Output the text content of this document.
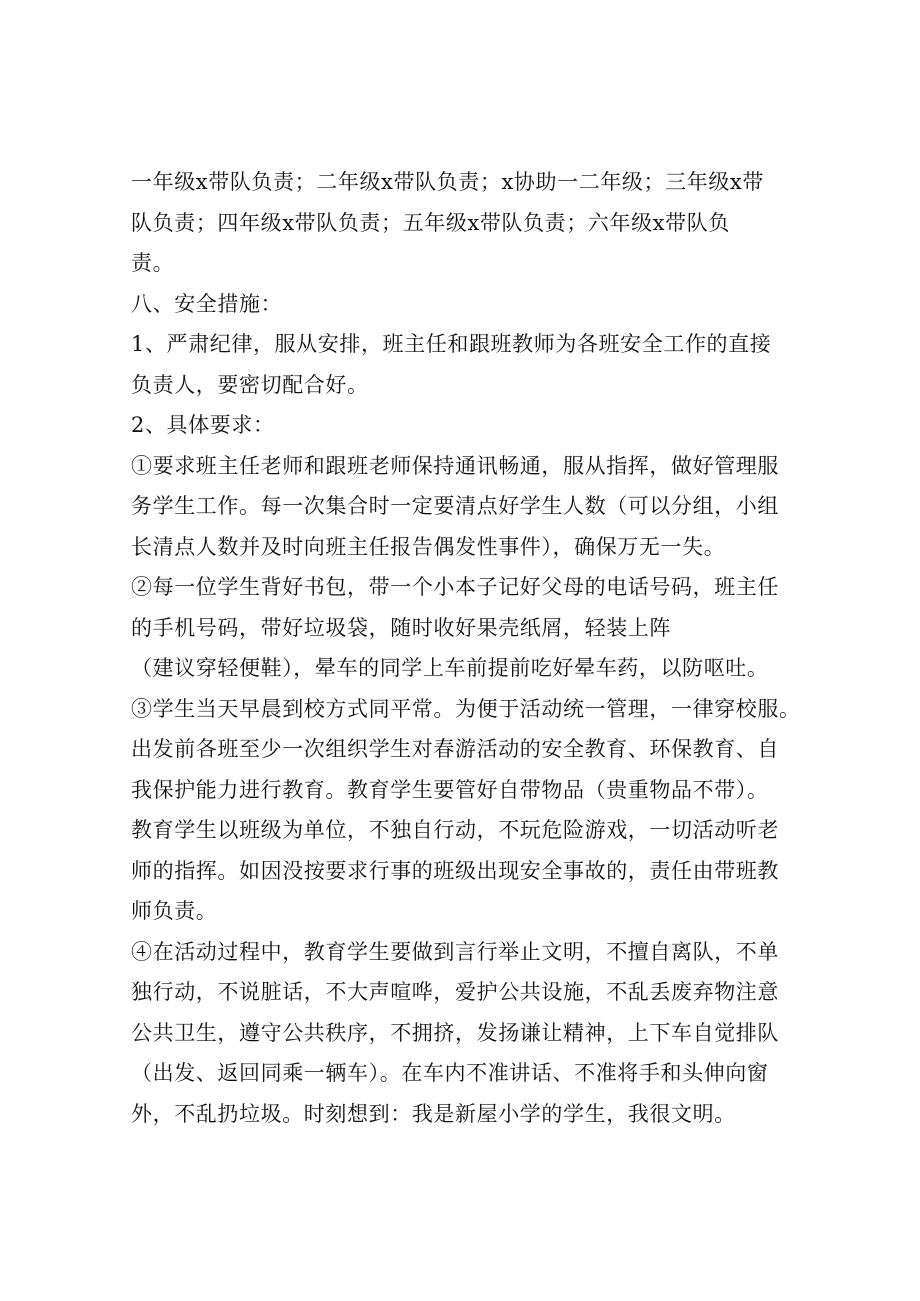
一年级x带队负责；二年级x带队负责；x协助一二年级；三年级x带
队负责；四年级x带队负责；五年级x带队负责；六年级x带队负
责。
八、安全措施：
1、严肃纪律，服从安排，班主任和跟班教师为各班安全工作的直接
负责人，要密切配合好。
2、具体要求：
①要求班主任老师和跟班老师保持通讯畅通，服从指挥，做好管理服
务学生工作。每一次集合时一定要清点好学生人数（可以分组，小组
长清点人数并及时向班主任报告偶发性事件），确保万无一失。
②每一位学生背好书包，带一个小本子记好父母的电话号码，班主任
的手机号码，带好垃圾袋，随时收好果壳纸屑，轻装上阵
（建议穿轻便鞋），晕车的同学上车前提前吃好晕车药，以防呕吐。
③学生当天早晨到校方式同平常。为便于活动统一管理，一律穿校服。
出发前各班至少一次组织学生对春游活动的安全教育、环保教育、自
我保护能力进行教育。教育学生要管好自带物品（贵重物品不带）。
教育学生以班级为单位，不独自行动，不玩危险游戏，一切活动听老
师的指挥。如因没按要求行事的班级出现安全事故的，责任由带班教
师负责。
④在活动过程中，教育学生要做到言行举止文明，不擅自离队，不单
独行动，不说脏话，不大声喧哗，爱护公共设施，不乱丢废弃物注意
公共卫生，遵守公共秩序，不拥挤，发扬谦让精神，上下车自觉排队
（出发、返回同乘一辆车）。在车内不准讲话、不准将手和头伸向窗
外，不乱扔垃圾。时刻想到：我是新屋小学的学生，我很文明。
